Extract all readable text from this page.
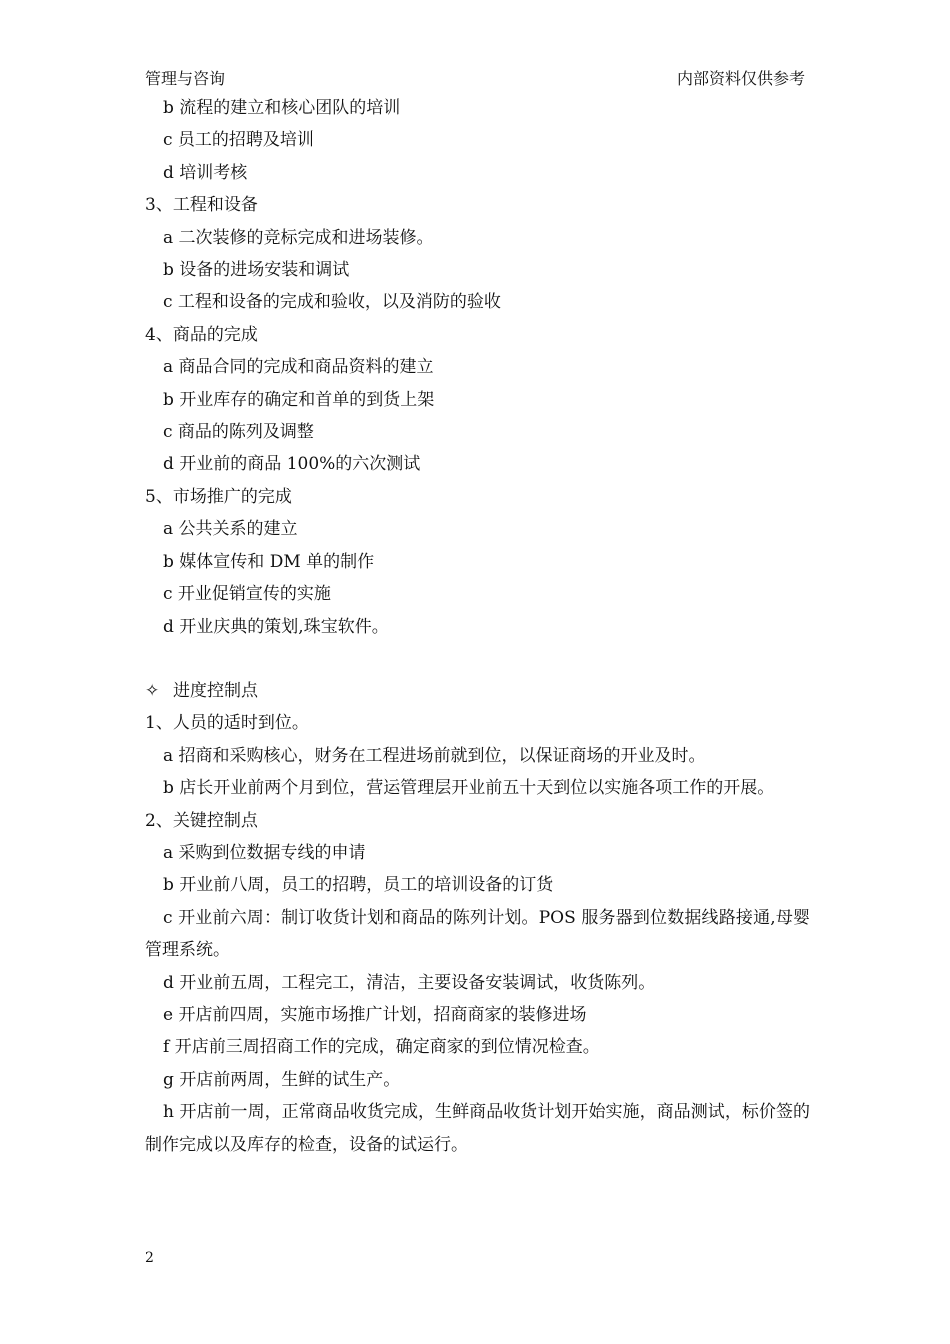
管理与咨询	内部资料仅供参考
b 流程的建立和核心团队的培训
c 员工的招聘及培训
d 培训考核
3、工程和设备
a 二次装修的竞标完成和进场装修。
b 设备的进场安装和调试
c 工程和设备的完成和验收，以及消防的验收
4、商品的完成
a 商品合同的完成和商品资料的建立
b 开业库存的确定和首单的到货上架
c 商品的陈列及调整
d 开业前的商品 100%的六次测试
5、市场推广的完成
a 公共关系的建立
b 媒体宣传和 DM 单的制作
c 开业促销宣传的实施
d 开业庆典的策划,珠宝软件。
✧ 进度控制点
1、人员的适时到位。
a 招商和采购核心，财务在工程进场前就到位，以保证商场的开业及时。
b 店长开业前两个月到位，营运管理层开业前五十天到位以实施各项工作的开展。
2、关键控制点
a 采购到位数据专线的申请
b 开业前八周，员工的招聘，员工的培训设备的订货
c 开业前六周：制订收货计划和商品的陈列计划。POS 服务器到位数据线路接通,母婴管理系统。
d 开业前五周，工程完工，清洁，主要设备安装调试，收货陈列。
e 开店前四周，实施市场推广计划，招商商家的装修进场
f 开店前三周招商工作的完成，确定商家的到位情况检查。
g 开店前两周，生鲜的试生产。
h 开店前一周，正常商品收货完成，生鲜商品收货计划开始实施，商品测试，标价签的制作完成以及库存的检查，设备的试运行。
2
